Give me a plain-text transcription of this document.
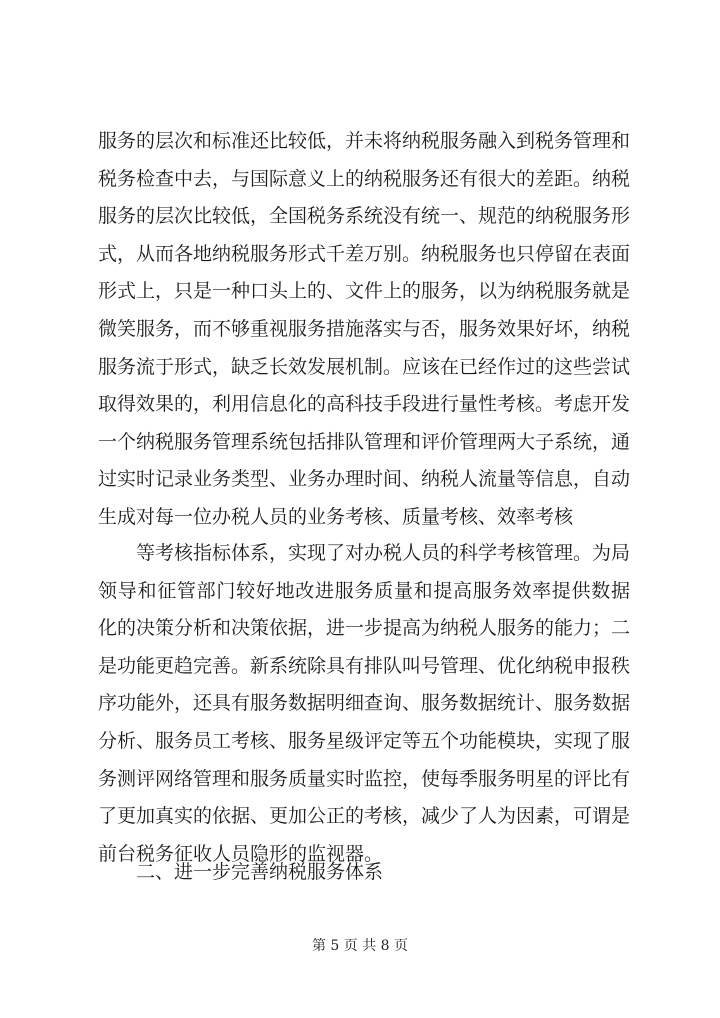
服务的层次和标准还比较低，并未将纳税服务融入到税务管理和
税务检查中去，与国际意义上的纳税服务还有很大的差距。纳税
服务的层次比较低，全国税务系统没有统一、规范的纳税服务形
式，从而各地纳税服务形式千差万别。纳税服务也只停留在表面
形式上，只是一种口头上的、文件上的服务，以为纳税服务就是
微笑服务，而不够重视服务措施落实与否，服务效果好坏，纳税
服务流于形式，缺乏长效发展机制。应该在已经作过的这些尝试
取得效果的，利用信息化的高科技手段进行量性考核。考虑开发
一个纳税服务管理系统包括排队管理和评价管理两大子系统，通
过实时记录业务类型、业务办理时间、纳税人流量等信息，自动
生成对每一位办税人员的业务考核、质量考核、效率考核
　　等考核指标体系，实现了对办税人员的科学考核管理。为局
领导和征管部门较好地改进服务质量和提高服务效率提供数据
化的决策分析和决策依据，进一步提高为纳税人服务的能力；二
是功能更趋完善。新系统除具有排队叫号管理、优化纳税申报秩
序功能外，还具有服务数据明细查询、服务数据统计、服务数据
分析、服务员工考核、服务星级评定等五个功能模块，实现了服
务测评网络管理和服务质量实时监控，使每季服务明星的评比有
了更加真实的依据、更加公正的考核，减少了人为因素，可谓是
前台税务征收人员隐形的监视器。
二、进一步完善纳税服务体系
第 5 页 共 8 页
